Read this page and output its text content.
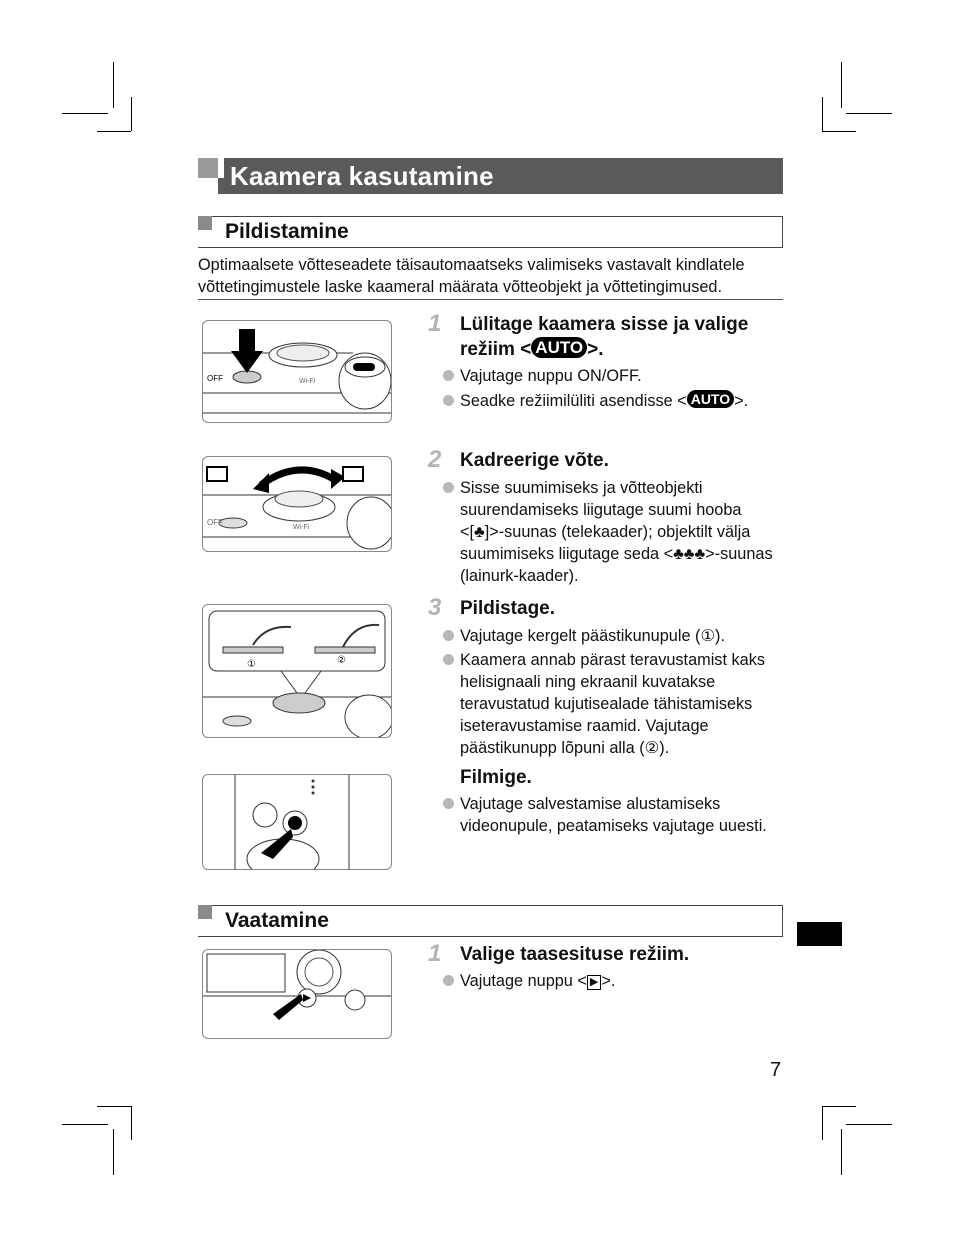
Kaamera kasutamine
Pildistamine
Optimaalsete võtteseadete täisautomaatseks valimiseks vastavalt kindlatele võttetingimustele laske kaameral määrata võtteobjekt ja võttetingimused.
OFF	Wi-Fi
OFF
Wi-Fi
①	②
1 Lülitage kaamera sisse ja valige
režiim < AUTO >.
Vajutage nuppu ON/OFF.
Seadke režiimilüliti asendisse < AUTO >.
2 Kadreerige võte.
Sisse suumimiseks ja võtteobjekti suurendamiseks liigutage suumi hooba <[♣]>-suunas (telekaader); objektilt välja suumimiseks liigutage seda <♣♣♣>-suunas (lainurk-kaader).
3 Pildistage.
Vajutage kergelt päästikunupule (①).
Kaamera annab pärast teravustamist kaks helisignaali ning ekraanil kuvatakse teravustatud kujutisealade tähistamiseks iseteravustamise raamid. Vajutage päästikunupp lõpuni alla (②).
Filmige.
Vajutage salvestamise alustamiseks videonupule, peatamiseks vajutage uuesti.
Vaatamine
1 Valige taasesituse režiim.
Vajutage nuppu < ▶ >.
7
